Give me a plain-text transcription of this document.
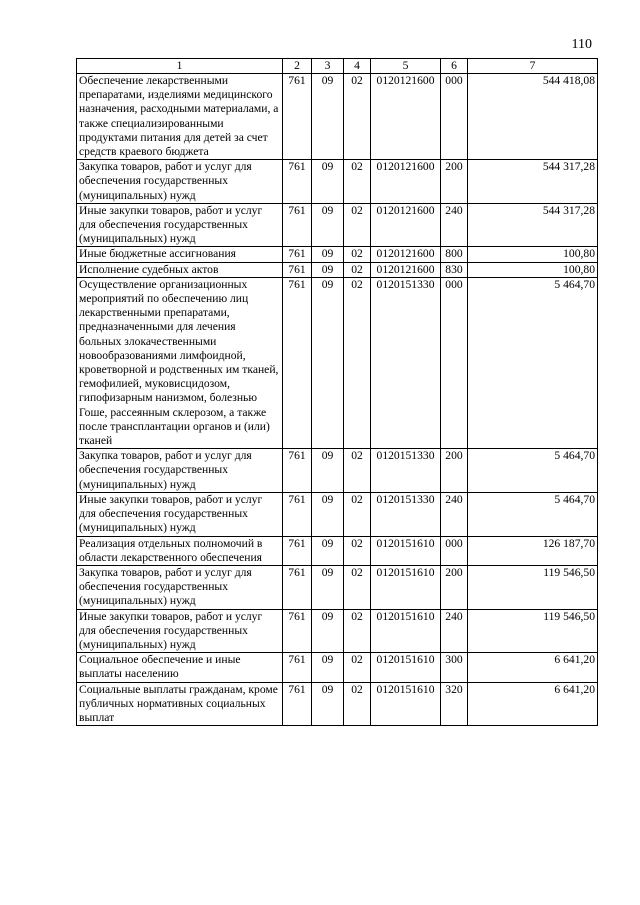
110
1	2	3	4	5	6	7
Обеспечение лекарственными препаратами, изделиями медицинского назначения, расходными материалами, а также специализированными продуктами питания для детей за счет средств краевого бюджета	761	09	02	0120121600	000	544 418,08
Закупка товаров, работ и услуг для обеспечения государственных (муниципальных) нужд	761	09	02	0120121600	200	544 317,28
Иные закупки товаров, работ и услуг для обеспечения государственных (муниципальных) нужд	761	09	02	0120121600	240	544 317,28
Иные бюджетные ассигнования	761	09	02	0120121600	800	100,80
Исполнение судебных актов	761	09	02	0120121600	830	100,80
Осуществление организационных мероприятий по обеспечению лиц лекарственными препаратами, предназначенными для лечения больных злокачественными новообразованиями лимфоидной, кроветворной и родственных им тканей, гемофилией, муковисцидозом, гипофизарным нанизмом, болезнью Гоше, рассеянным склерозом, а также после трансплантации органов и (или) тканей	761	09	02	0120151330	000	5 464,70
Закупка товаров, работ и услуг для обеспечения государственных (муниципальных) нужд	761	09	02	0120151330	200	5 464,70
Иные закупки товаров, работ и услуг для обеспечения государственных (муниципальных) нужд	761	09	02	0120151330	240	5 464,70
Реализация отдельных полномочий в области лекарственного обеспечения	761	09	02	0120151610	000	126 187,70
Закупка товаров, работ и услуг для обеспечения государственных (муниципальных) нужд	761	09	02	0120151610	200	119 546,50
Иные закупки товаров, работ и услуг для обеспечения государственных (муниципальных) нужд	761	09	02	0120151610	240	119 546,50
Социальное обеспечение и иные выплаты населению	761	09	02	0120151610	300	6 641,20
Социальные выплаты гражданам, кроме публичных нормативных социальных выплат	761	09	02	0120151610	320	6 641,20
